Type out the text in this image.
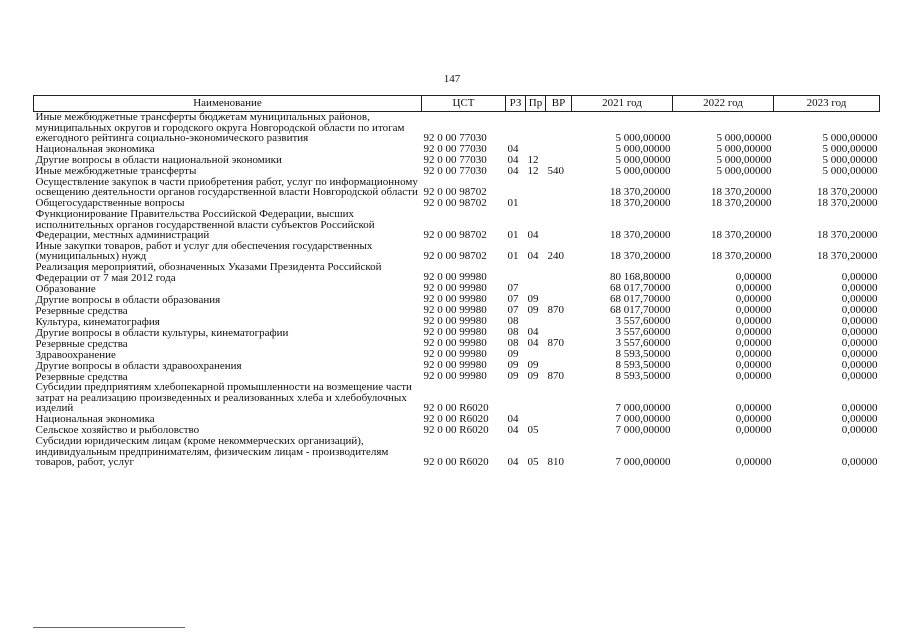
147
Наименование	ЦСТ	РЗ	Пр	ВР	2021 год	2022 год	2023 год
Иные межбюджетные трансферты бюджетам муниципальных районов, муниципальных округов и городского округа Новгородской области по итогам ежегодного рейтинга социально-экономического развития	92 0 00 77030				5 000,00000	5 000,00000	5 000,00000
Национальная экономика	92 0 00 77030	04			5 000,00000	5 000,00000	5 000,00000
Другие вопросы в области национальной экономики	92 0 00 77030	04	12		5 000,00000	5 000,00000	5 000,00000
Иные межбюджетные трансферты	92 0 00 77030	04	12	540	5 000,00000	5 000,00000	5 000,00000
Осуществление закупок в части приобретения работ, услуг по информационному освещению деятельности органов государственной власти Новгородской области	92 0 00 98702				18 370,20000	18 370,20000	18 370,20000
Общегосударственные вопросы	92 0 00 98702	01			18 370,20000	18 370,20000	18 370,20000
Функционирование Правительства Российской Федерации, высших исполнительных органов государственной власти субъектов Российской Федерации, местных администраций	92 0 00 98702	01	04		18 370,20000	18 370,20000	18 370,20000
Иные закупки товаров, работ и услуг для обеспечения государственных (муниципальных) нужд	92 0 00 98702	01	04	240	18 370,20000	18 370,20000	18 370,20000
Реализация мероприятий, обозначенных Указами Президента Российской Федерации от 7 мая 2012 года	92 0 00 99980				80 168,80000	0,00000	0,00000
Образование	92 0 00 99980	07			68 017,70000	0,00000	0,00000
Другие вопросы в области образования	92 0 00 99980	07	09		68 017,70000	0,00000	0,00000
Резервные средства	92 0 00 99980	07	09	870	68 017,70000	0,00000	0,00000
Культура, кинематография	92 0 00 99980	08			3 557,60000	0,00000	0,00000
Другие вопросы в области культуры, кинематографии	92 0 00 99980	08	04		3 557,60000	0,00000	0,00000
Резервные средства	92 0 00 99980	08	04	870	3 557,60000	0,00000	0,00000
Здравоохранение	92 0 00 99980	09			8 593,50000	0,00000	0,00000
Другие вопросы в области здравоохранения	92 0 00 99980	09	09		8 593,50000	0,00000	0,00000
Резервные средства	92 0 00 99980	09	09	870	8 593,50000	0,00000	0,00000
Субсидии предприятиям хлебопекарной промышленности на возмещение части затрат на реализацию произведенных и реализованных хлеба и хлебобулочных изделий	92 0 00 R6020				7 000,00000	0,00000	0,00000
Национальная экономика	92 0 00 R6020	04			7 000,00000	0,00000	0,00000
Сельское хозяйство и рыболовство	92 0 00 R6020	04	05		7 000,00000	0,00000	0,00000
Субсидии юридическим лицам (кроме некоммерческих организаций), индивидуальным предпринимателям, физическим лицам - производителям товаров, работ, услуг	92 0 00 R6020	04	05	810	7 000,00000	0,00000	0,00000
